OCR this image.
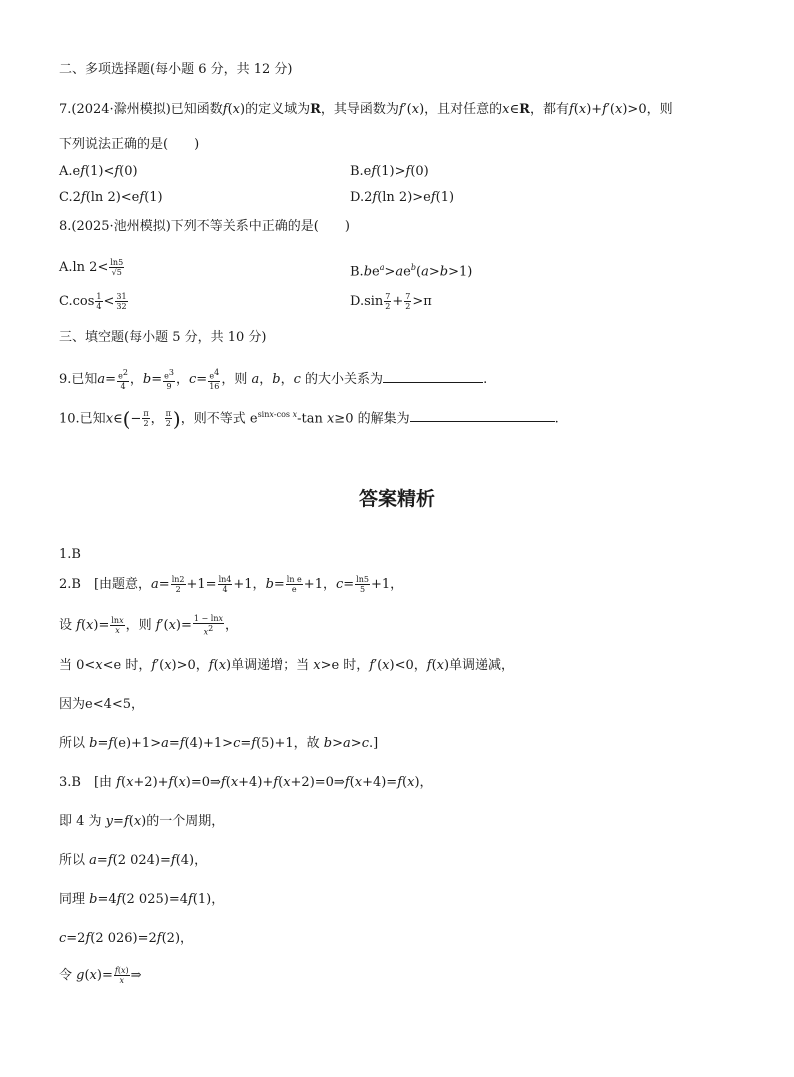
二、多项选择题(每小题 6 分，共 12 分)
7.(2024·滁州模拟)已知函数f(x)的定义域为R，其导函数为f′(x)，且对任意的x∈R，都有f(x)+f′(x)>0，则
下列说法正确的是(　　)
A.ef(1)<f(0)	B.ef(1)>f(0)
C.2f(ln 2)<ef(1)	D.2f(ln 2)>ef(1)
8.(2025·池州模拟)下列不等关系中正确的是(　　)
A.ln $2< \frac{\ln 5}{√5}$	$B.be^a>ae^b(a>b>1)$
$C.\cos \frac{1}{4} < \frac{31}{32}$	$D.\sin \frac{7}{2} + \frac{7}{2} >\pi$
三、填空题(每小题 5 分，共 10 分)
9.已知$a= \frac{e^2}{4}$ ，$b= \frac{e^3}{9}$ ，$c= \frac{e^4}{16}$ ，则 a，b，c 的大小关系为	.
10.已知x∈(− $\frac{\pi}{2}$ ， $\frac{\pi}{2}$ )，则不等式 $e^{sinx-cos x}-\tan$ x≥0 的解集为	.
答案精析
1.B
2.B　[由题意，$a= \frac{\ln 2}{2} +1= \frac{\ln 4}{4} +1$，$b= \frac{\text{ln e}}{e} +1$，$c= \frac{\ln 5}{5} +1$，
设 $f(x)= \frac{\ln x}{x}$ ，则 $f'(x)= \frac{1 - \ln x}{x^2}$ ，
当 0<x<e 时，f′(x)>0，f(x)单调递增；当 x>e 时，f′(x)<0，f(x)单调递减，
因为e<4<5，
所以 b=f(e)+1>a=f(4)+1>c=f(5)+1，故 b>a>c.]
3.B　[由 f(x+2)+f(x)=0⇒f(x+4)+f(x+2)=0⇒f(x+4)=f(x)，
即 4 为 y=f(x)的一个周期，
所以 a=f(2 024)=f(4)，
同理 b=4f(2 025)=4f(1)，
c=2f(2 026)=2f(2)，
令 $g(x)= \frac{f(x)}{x}$ ⇒
